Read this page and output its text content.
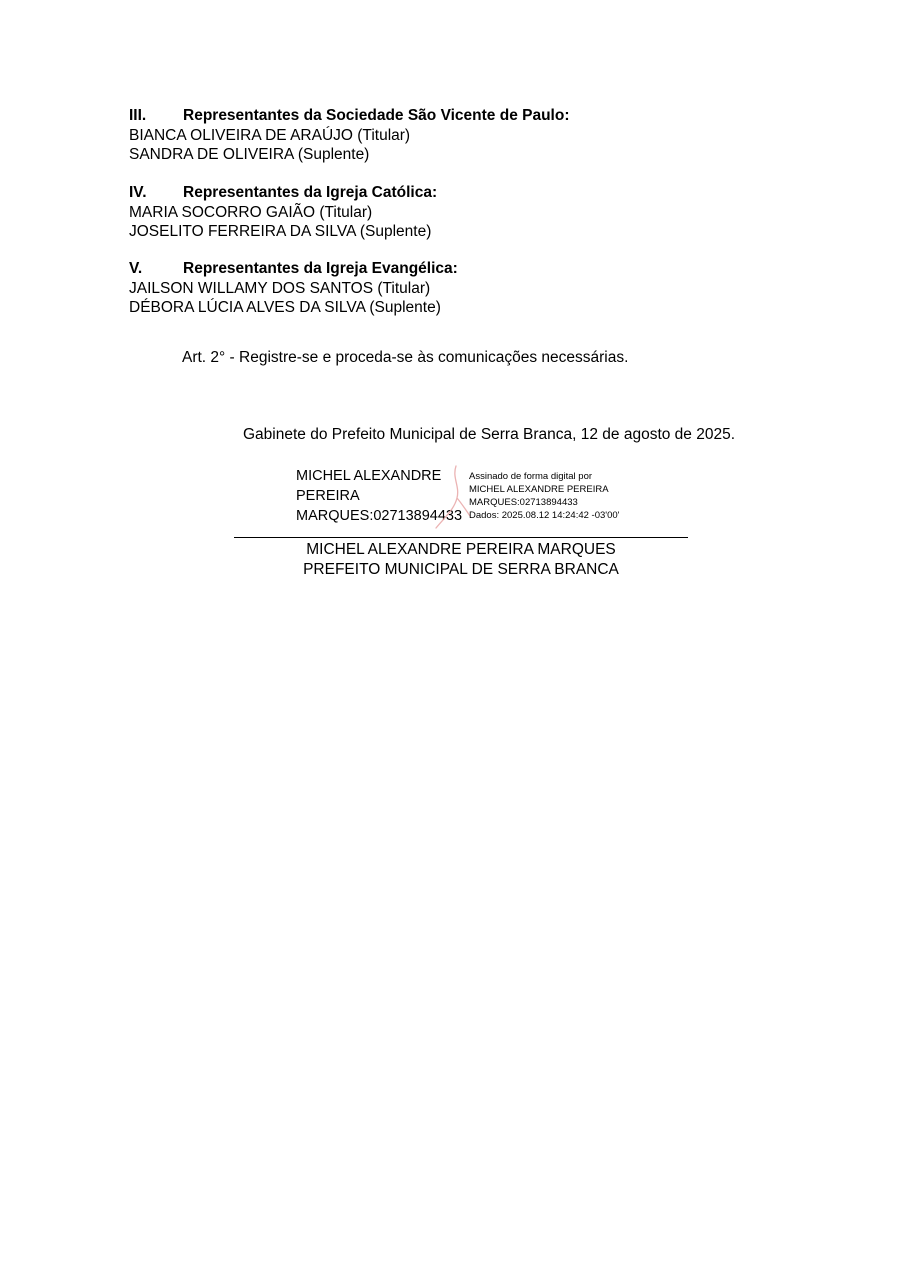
III. Representantes da Sociedade São Vicente de Paulo:
BIANCA OLIVEIRA DE ARAÚJO (Titular)
SANDRA DE OLIVEIRA (Suplente)
IV. Representantes da Igreja Católica:
MARIA SOCORRO GAIÃO (Titular)
JOSELITO FERREIRA DA SILVA (Suplente)
V.	Representantes da Igreja Evangélica:
JAILSON WILLAMY DOS SANTOS (Titular)
DÉBORA LÚCIA ALVES DA SILVA (Suplente)
Art. 2° - Registre-se e proceda-se às comunicações necessárias.
Gabinete do Prefeito Municipal de Serra Branca, 12 de agosto de 2025.
MICHEL ALEXANDRE
PEREIRA
MARQUES:02713894433
Assinado de forma digital por
MICHEL ALEXANDRE PEREIRA
MARQUES:02713894433
Dados: 2025.08.12 14:24:42 -03'00'
MICHEL ALEXANDRE PEREIRA MARQUES
PREFEITO MUNICIPAL DE SERRA BRANCA
